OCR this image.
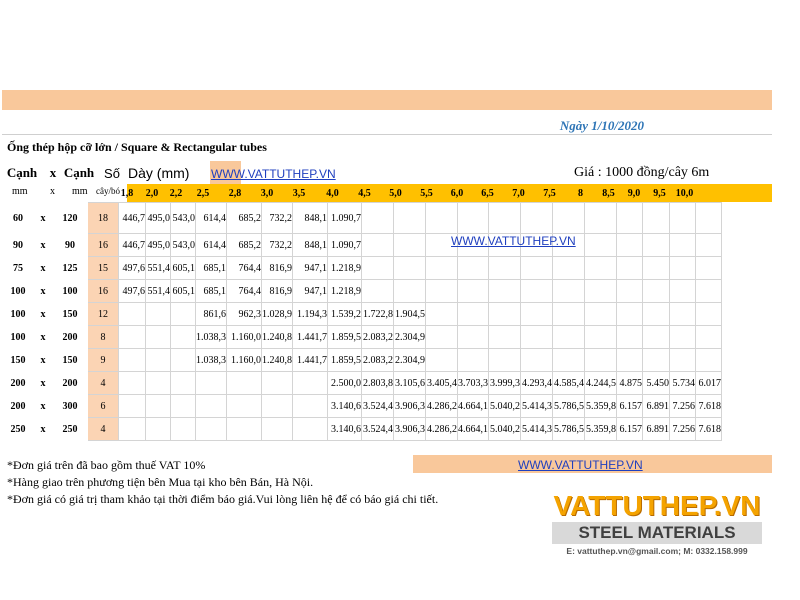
Ngày 1/10/2020
Ống thép hộp cỡ lớn / Square & Rectangular tubes
Cạnh x Cạnh Số Dày (mm) WWW.VATTUTHEP.VN	Giá : 1000 đồng/cây 6m
mm x mm cây/bó 1,8	2,0	2,2	2,5	2,8	3,0	3,5	4,0	4,5	5,0	5,5	6,0	6,5	7,0	7,5	8	8,5	9,0	9,5	10,0
60	x	120	18	446,7	495,0	543,0	614,4	685,2	732,2	848,1	1.090,7												
90	x	90	16	446,7	495,0	543,0	614,4	685,2	732,2	848,1	1.090,7												
75	x	125	15	497,6	551,4	605,1	685,1	764,4	816,9	947,1	1.218,9												
100	x	100	16	497,6	551,4	605,1	685,1	764,4	816,9	947,1	1.218,9												
100	x	150	12				861,6	962,3	1.028,9	1.194,3	1.539,2	1.722,8	1.904,5										
100	x	200	8				1.038,3	1.160,0	1.240,8	1.441,7	1.859,5	2.083,2	2.304,9										
150	x	150	9				1.038,3	1.160,0	1.240,8	1.441,7	1.859,5	2.083,2	2.304,9										
200	x	200	4								2.500,0	2.803,8	3.105,6	3.405,4	3.703,3	3.999,3	4.293,4	4.585,4	4.244,5	4.875	5.450	5.734	6.017
200	x	300	6								3.140,6	3.524,4	3.906,3	4.286,2	4.664,1	5.040,2	5.414,3	5.786,5	5.359,8	6.157	6.891	7.256	7.618
250	x	250	4								3.140,6	3.524,4	3.906,3	4.286,2	4.664,1	5.040,2	5.414,3	5.786,5	5.359,8	6.157	6.891	7.256	7.618
WWW.VATTUTHEP.VN
*Đơn giá trên đã bao gồm thuế VAT 10%
*Hàng giao trên phương tiện bên Mua tại kho bên Bán, Hà Nội.
*Đơn giá có giá trị tham khảo tại thời điểm báo giá.Vui lòng liên hệ để có báo giá chi tiết.
WWW.VATTUTHEP.VN
VATTUTHEP.VN
STEEL MATERIALS
E: vattuthep.vn@gmail.com; M: 0332.158.999
